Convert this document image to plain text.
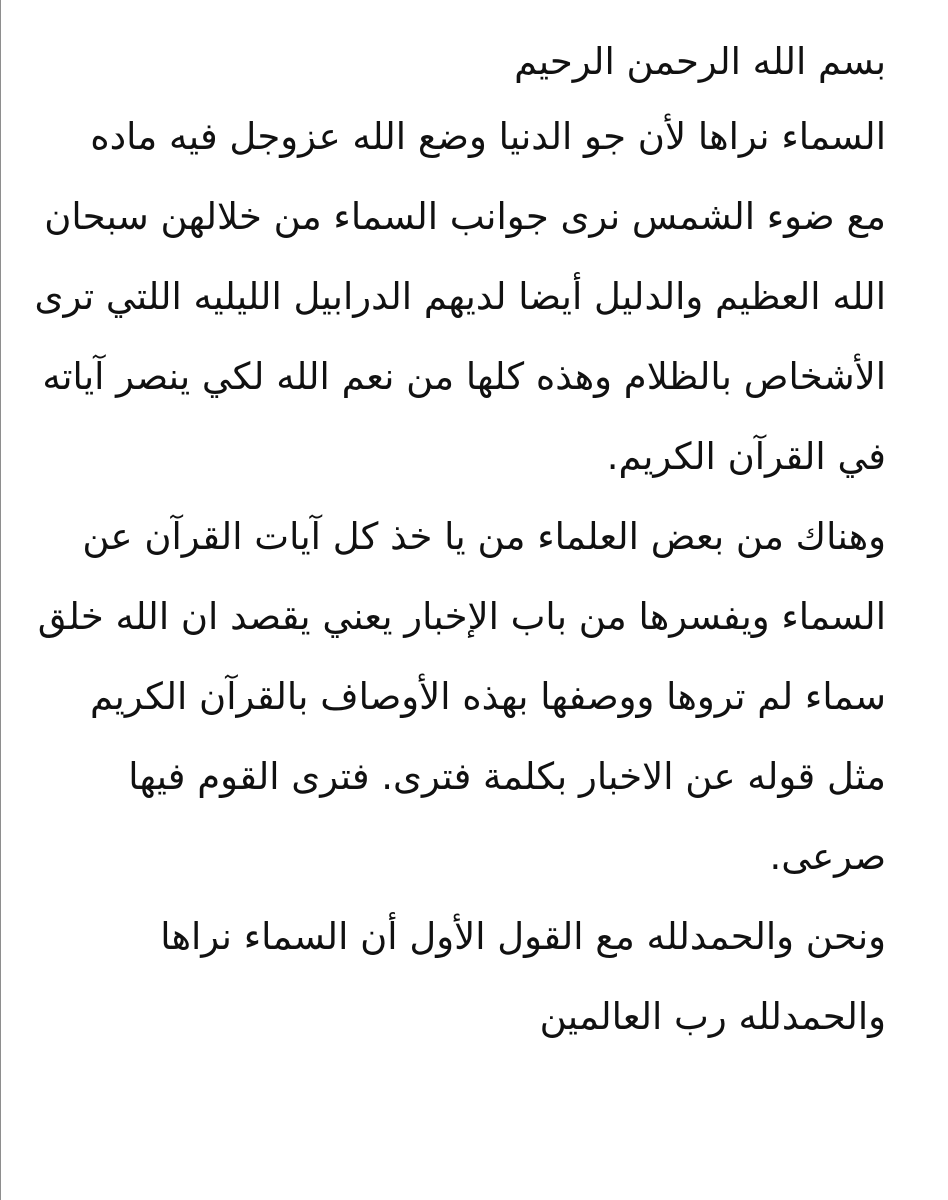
بسم الله الرحمن الرحيم
السماء نراها لأن جو الدنيا وضع الله عزوجل فيه ماده
مع ضوء الشمس نرى جوانب السماء من خلالهن سبحان
الله العظيم والدليل أيضا لديهم الدرابيل الليليه اللتي ترى
الأشخاص بالظلام وهذه كلها من نعم الله لكي ينصر آياته
في القرآن الكريم.
وهناك من بعض العلماء من يا خذ كل آيات القرآن عن
السماء ويفسرها من باب الإخبار يعني يقصد ان الله خلق
سماء لم تروها ووصفها بهذه الأوصاف بالقرآن الكريم
مثل قوله عن الاخبار بكلمة فترى. فترى القوم فيها
صرعى.
ونحن والحمدلله مع القول الأول أن السماء نراها
والحمدلله رب العالمين
